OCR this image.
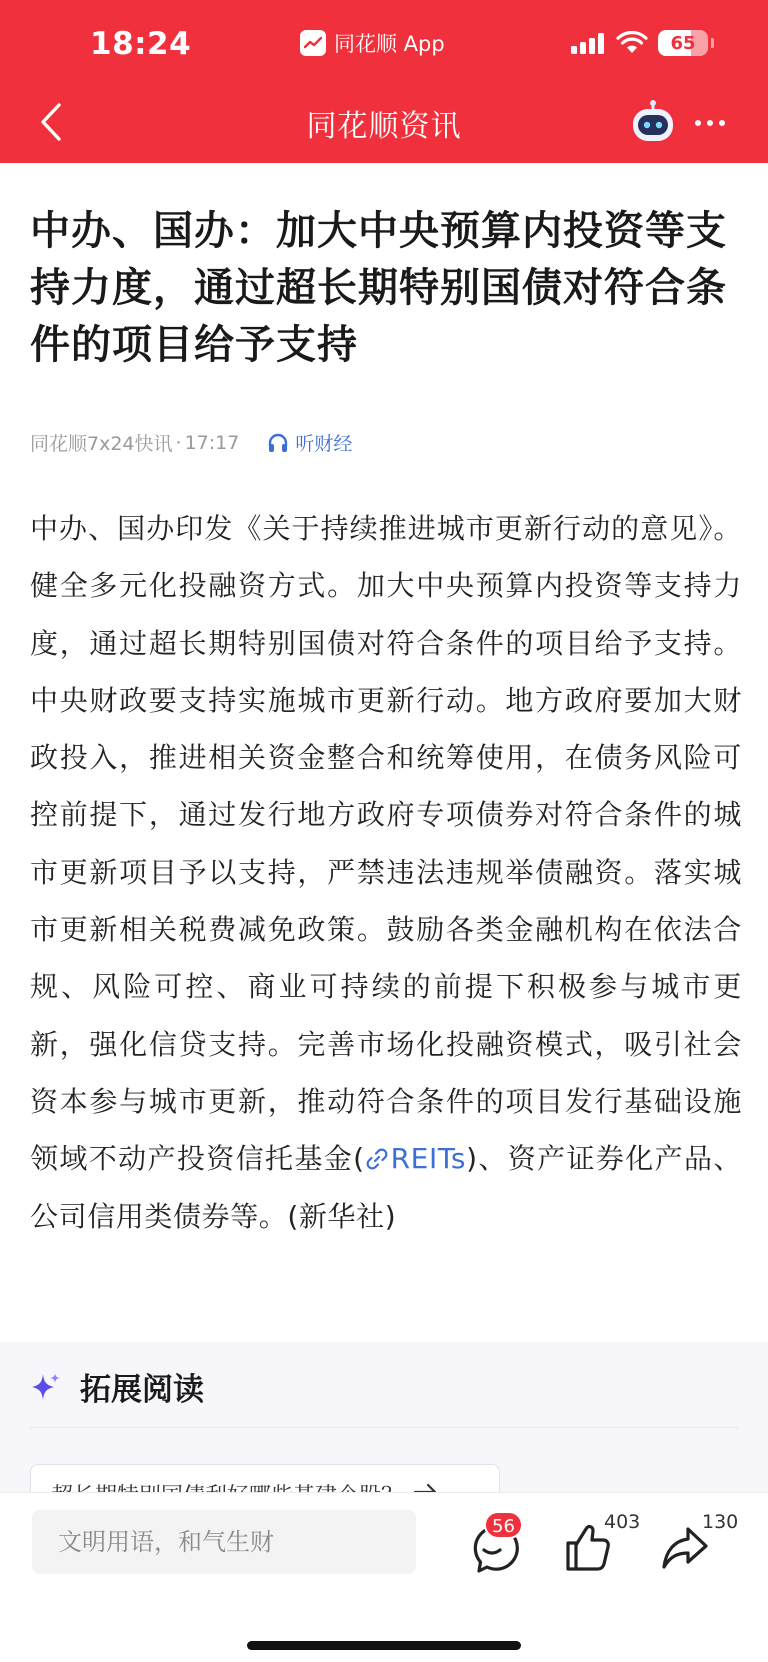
18:24	同花顺 App	65
同花顺资讯
中办、国办：加大中央预算内投资等支持力度，通过超长期特别国债对符合条件的项目给予支持
同花顺7x24快讯 · 17:17	听财经
中办、国办印发《关于持续推进城市更新行动的意见》。健全多元化投融资方式。加大中央预算内投资等支持力度，通过超长期特别国债对符合条件的项目给予支持。中央财政要支持实施城市更新行动。地方政府要加大财政投入，推进相关资金整合和统筹使用，在债务风险可控前提下，通过发行地方政府专项债券对符合条件的城市更新项目予以支持，严禁违法违规举债融资。落实城市更新相关税费减免政策。鼓励各类金融机构在依法合规、风险可控、商业可持续的前提下积极参与城市更新，强化信贷支持。完善市场化投融资模式，吸引社会资本参与城市更新，推动符合条件的项目发行基础设施领域不动产投资信托基金( REITs)、资产证券化产品、公司信用类债券等。(新华社)
拓展阅读
文明用语，和气生财
56	403	130
